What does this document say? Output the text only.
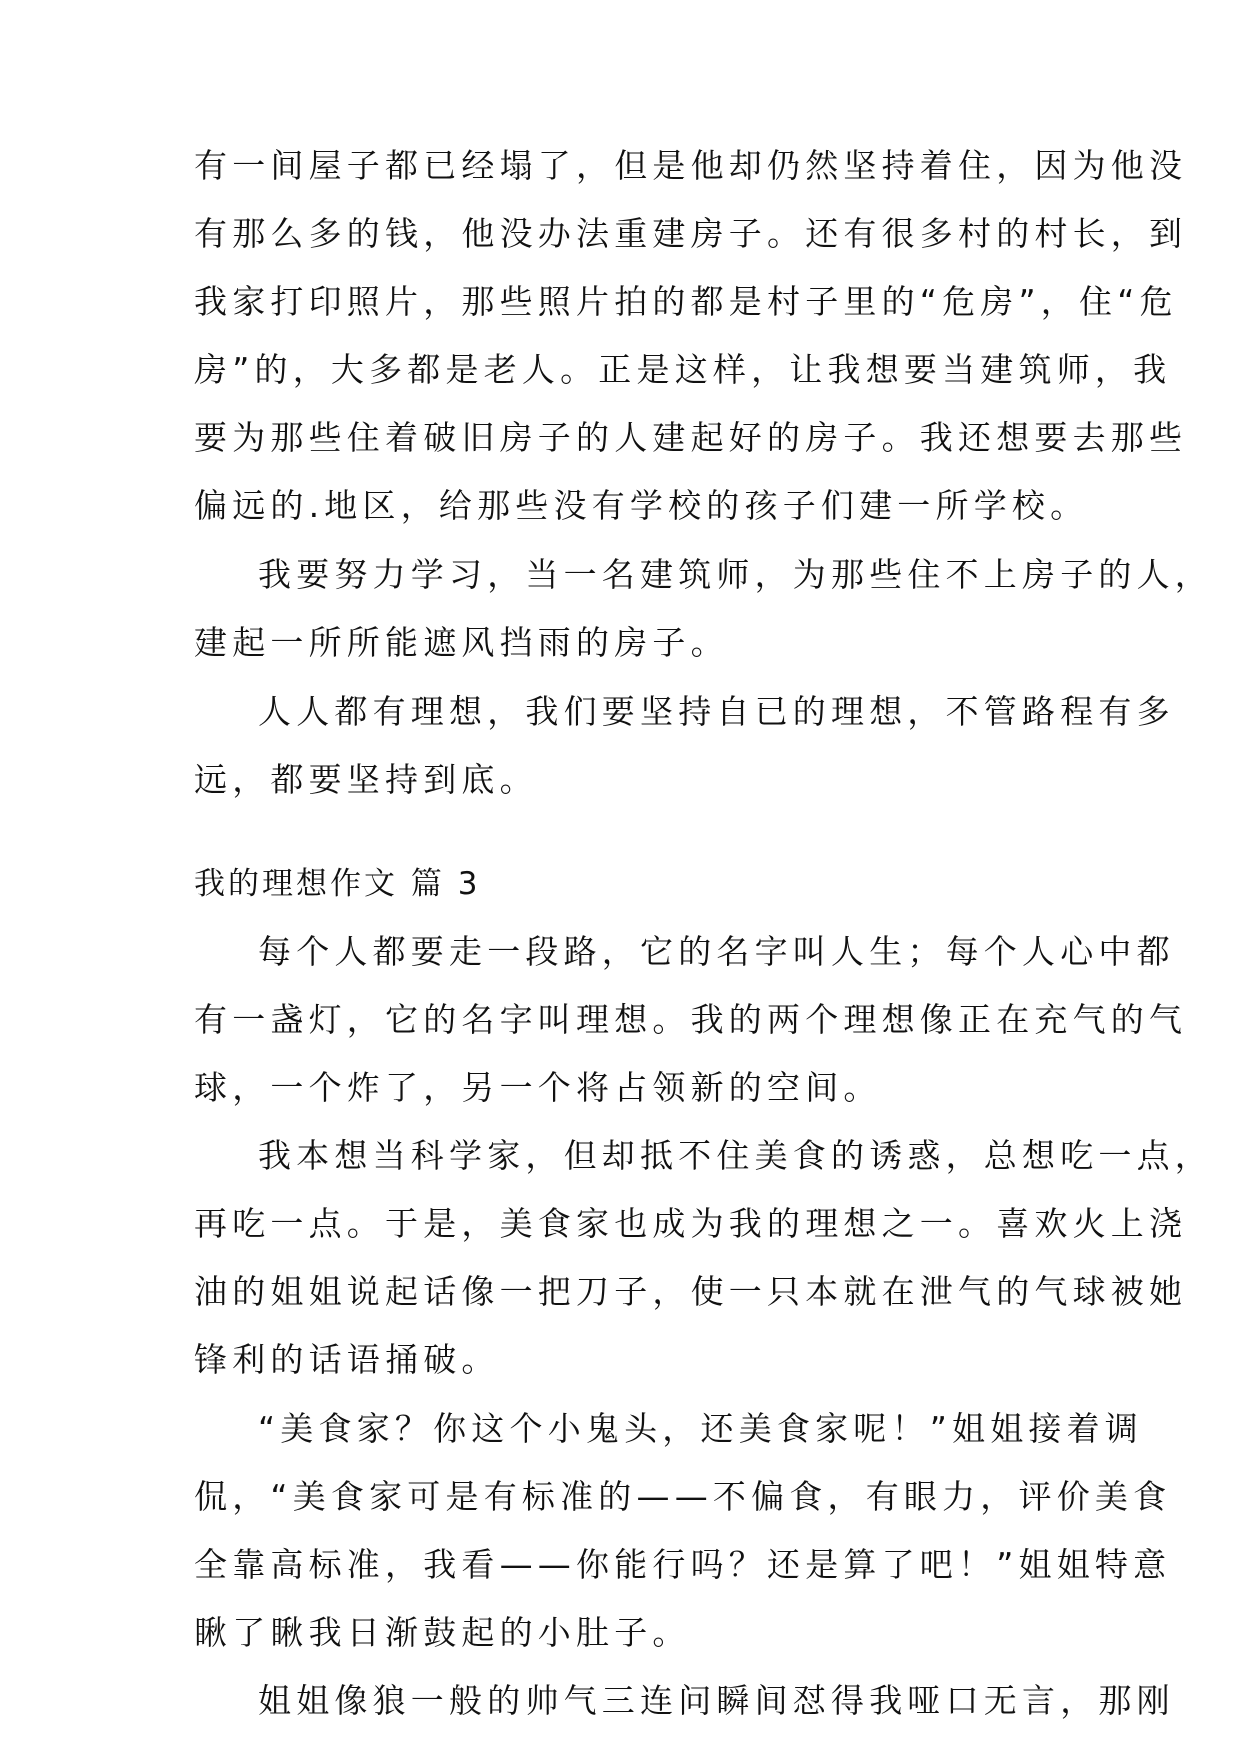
有一间屋子都已经塌了，但是他却仍然坚持着住，因为他没
有那么多的钱，他没办法重建房子。还有很多村的村长，到
我家打印照片，那些照片拍的都是村子里的“危房”，住“危
房”的，大多都是老人。正是这样，让我想要当建筑师，我
要为那些住着破旧房子的人建起好的房子。我还想要去那些
偏远的.地区，给那些没有学校的孩子们建一所学校。
我要努力学习，当一名建筑师，为那些住不上房子的人，
建起一所所能遮风挡雨的房子。
人人都有理想，我们要坚持自已的理想，不管路程有多
远，都要坚持到底。
我的理想作文 篇 3
每个人都要走一段路，它的名字叫人生；每个人心中都
有一盏灯，它的名字叫理想。我的两个理想像正在充气的气
球，一个炸了，另一个将占领新的空间。
我本想当科学家，但却抵不住美食的诱惑，总想吃一点，
再吃一点。于是，美食家也成为我的理想之一。喜欢火上浇
油的姐姐说起话像一把刀子，使一只本就在泄气的气球被她
锋利的话语捅破。
“美食家？你这个小鬼头，还美食家呢！”姐姐接着调
侃，“美食家可是有标准的——不偏食，有眼力，评价美食
全靠高标准，我看——你能行吗？还是算了吧！”姐姐特意
瞅了瞅我日渐鼓起的小肚子。
姐姐像狼一般的帅气三连问瞬间怼得我哑口无言，那刚
